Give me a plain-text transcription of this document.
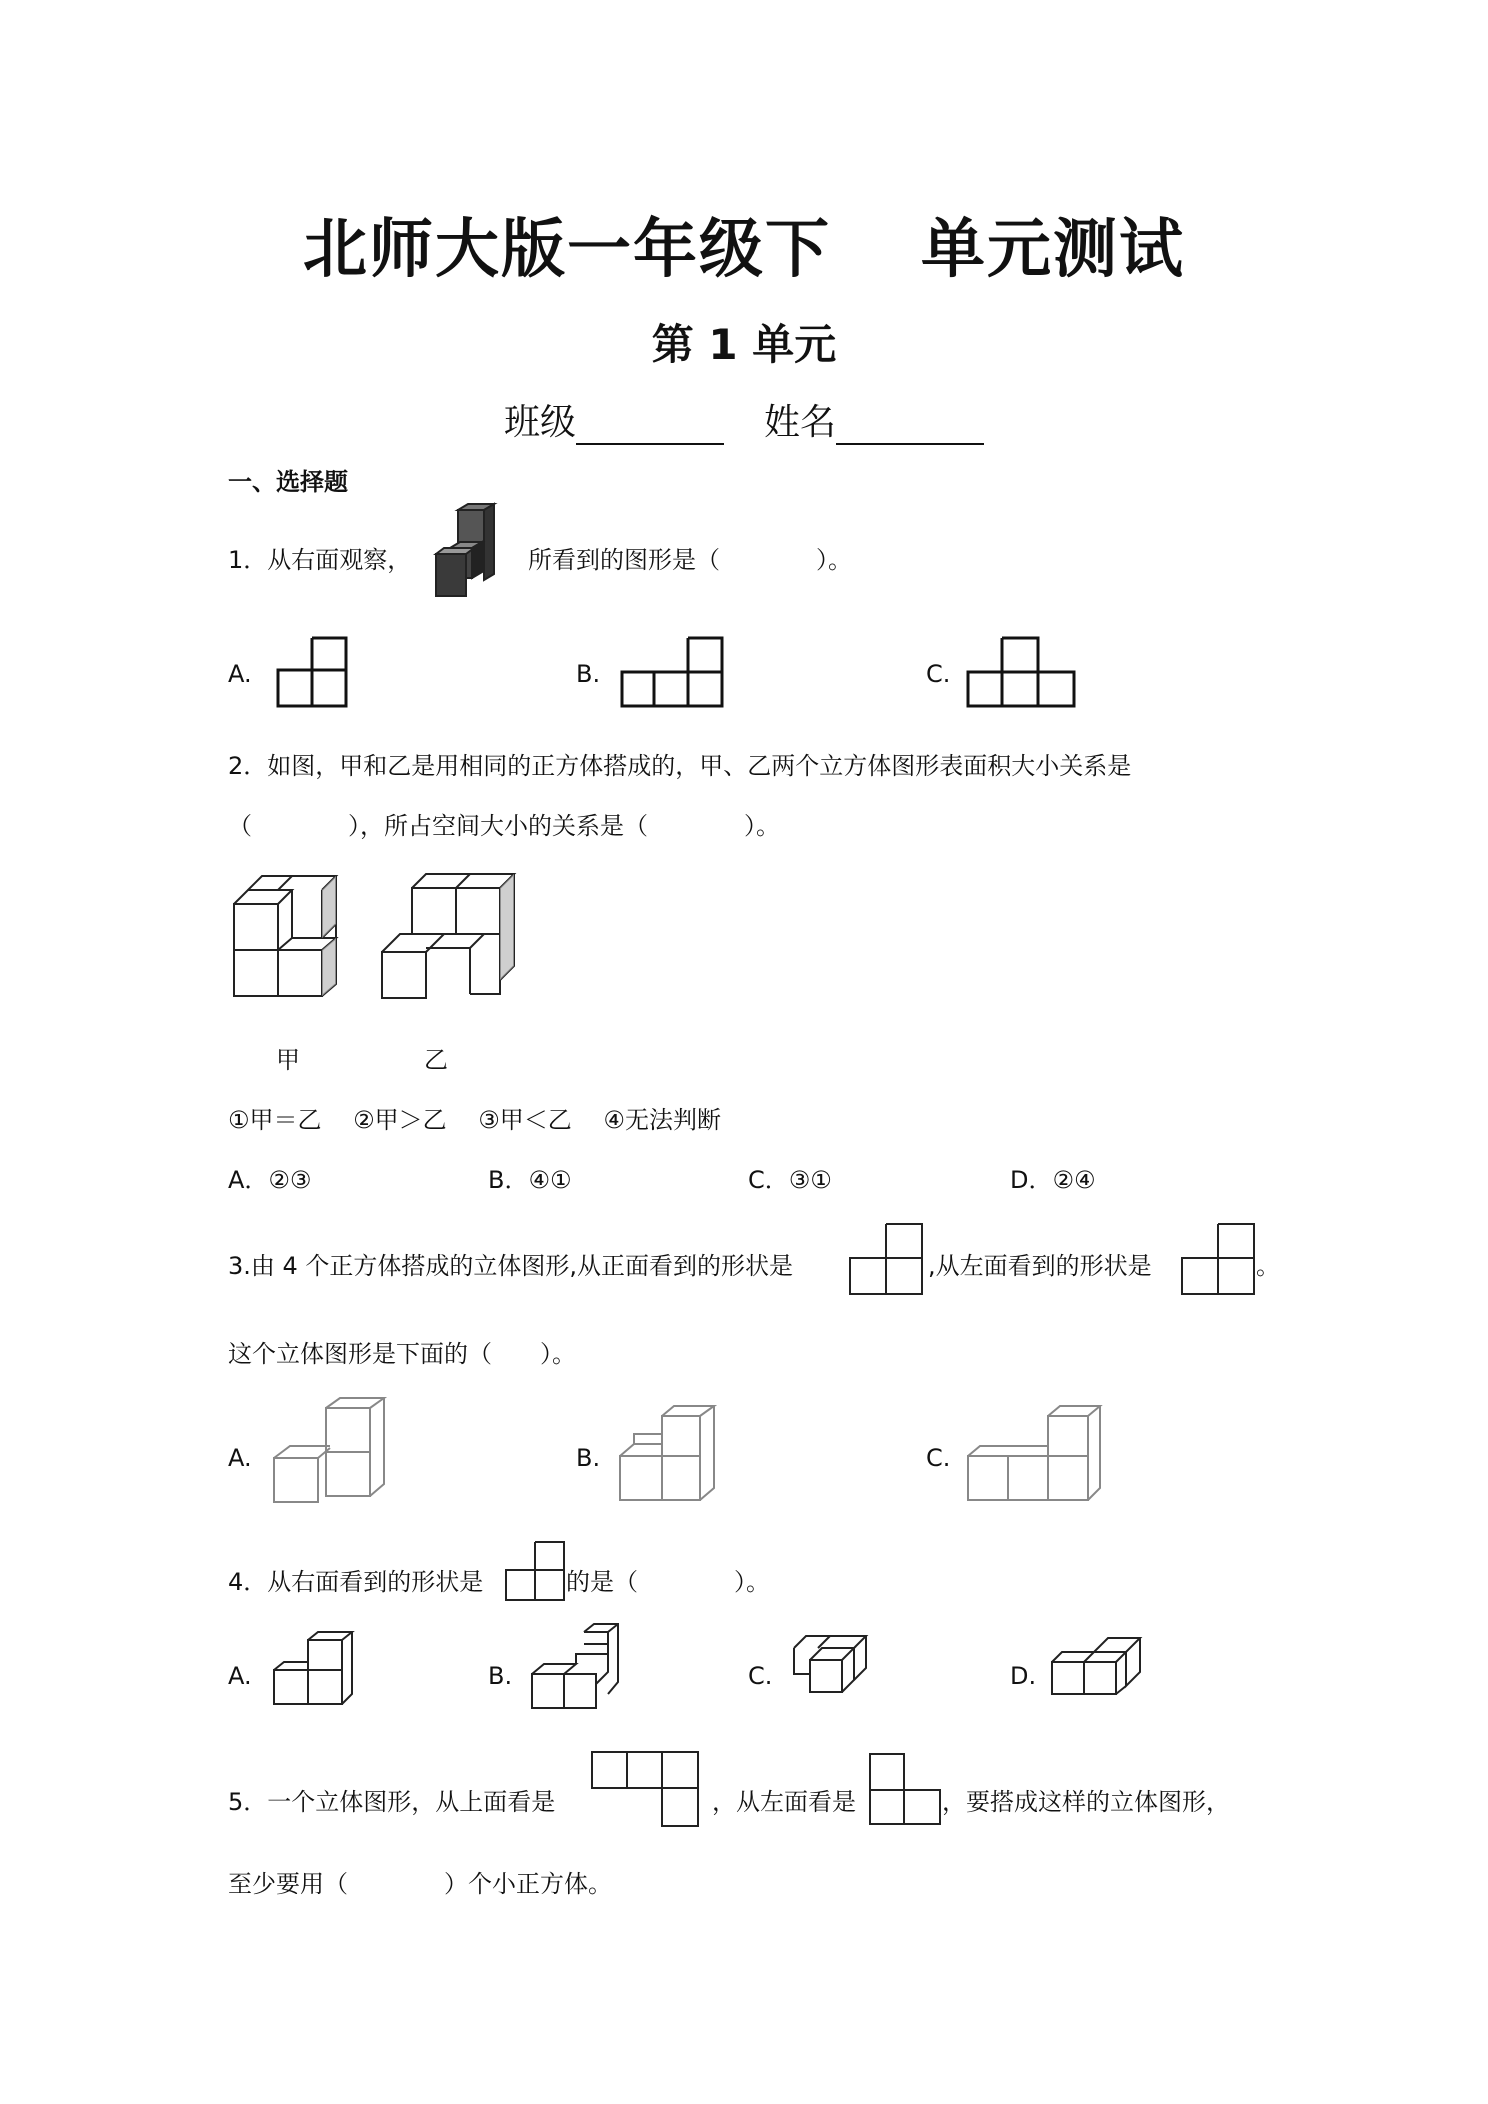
北师大版一年级下 单元测试
第 1 单元
班级	姓名
一、选择题
1．从右面观察，	所看到的图形是（　　　　）。
A.	B.	C.
2．如图，甲和乙是用相同的正方体搭成的，甲、乙两个立方体图形表面积大小关系是
（　　　　），所占空间大小的关系是（　　　　）。
甲	乙
①甲＝乙　 ②甲＞乙　 ③甲＜乙　 ④无法判断
A．②③	B．④①	C．③①	D．②④
3.由 4 个正方体搭成的立体图形,从正面看到的形状是	,从左面看到的形状是	。
这个立体图形是下面的（　　）。
A.	B.	C.
4．从右面看到的形状是	的是（　　　　）。
A.	B.	C.	D.
5．一个立体图形，从上面看是	，从左面看是	，要搭成这样的立体图形，
至少要用（　　　　）个小正方体。
